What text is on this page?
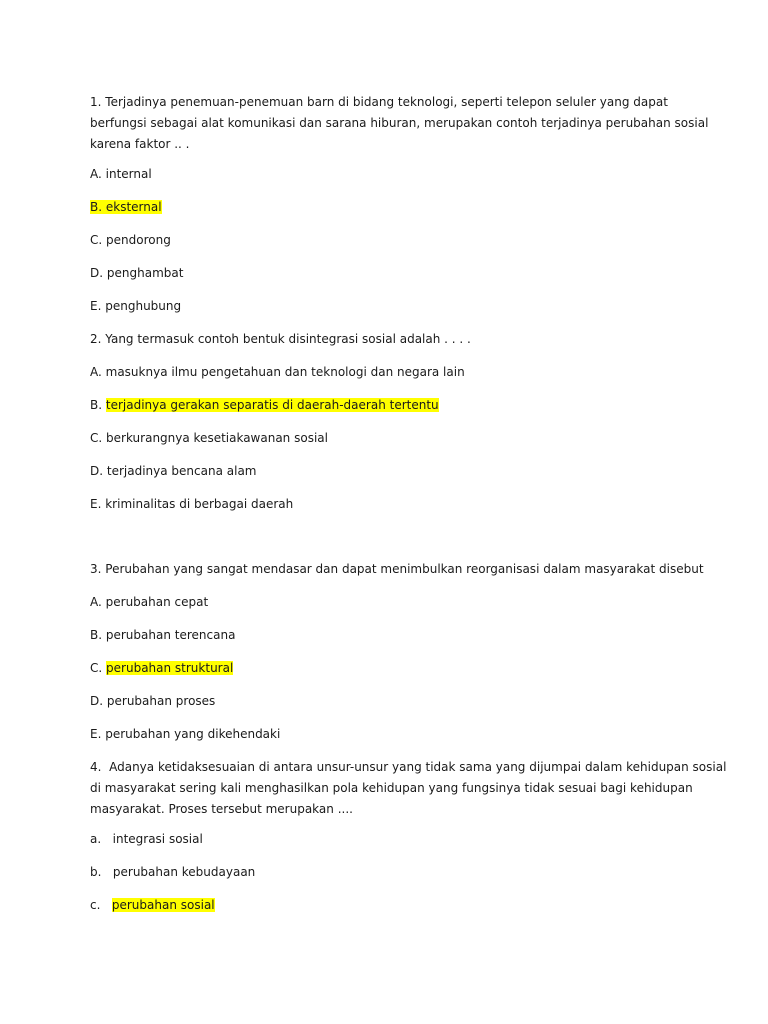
1. Terjadinya penemuan-penemuan barn di bidang teknologi, seperti telepon seluler yang dapat
berfungsi sebagai alat komunikasi dan sarana hiburan, merupakan contoh terjadinya perubahan sosial
karena faktor .. .
A. internal
B. eksternal
C. pendorong
D. penghambat
E. penghubung
2. Yang termasuk contoh bentuk disintegrasi sosial adalah . . . .
A. masuknya ilmu pengetahuan dan teknologi dan negara lain
B. terjadinya gerakan separatis di daerah-daerah tertentu
C. berkurangnya kesetiakawanan sosial
D. terjadinya bencana alam
E. kriminalitas di berbagai daerah
3. Perubahan yang sangat mendasar dan dapat menimbulkan reorganisasi dalam masyarakat disebut
A. perubahan cepat
B. perubahan terencana
C. perubahan struktural
D. perubahan proses
E. perubahan yang dikehendaki
4. Adanya ketidaksesuaian di antara unsur-unsur yang tidak sama yang dijumpai dalam kehidupan sosial
di masyarakat sering kali menghasilkan pola kehidupan yang fungsinya tidak sesuai bagi kehidupan
masyarakat. Proses tersebut merupakan ....
a. integrasi sosial
b. perubahan kebudayaan
c. perubahan sosial
